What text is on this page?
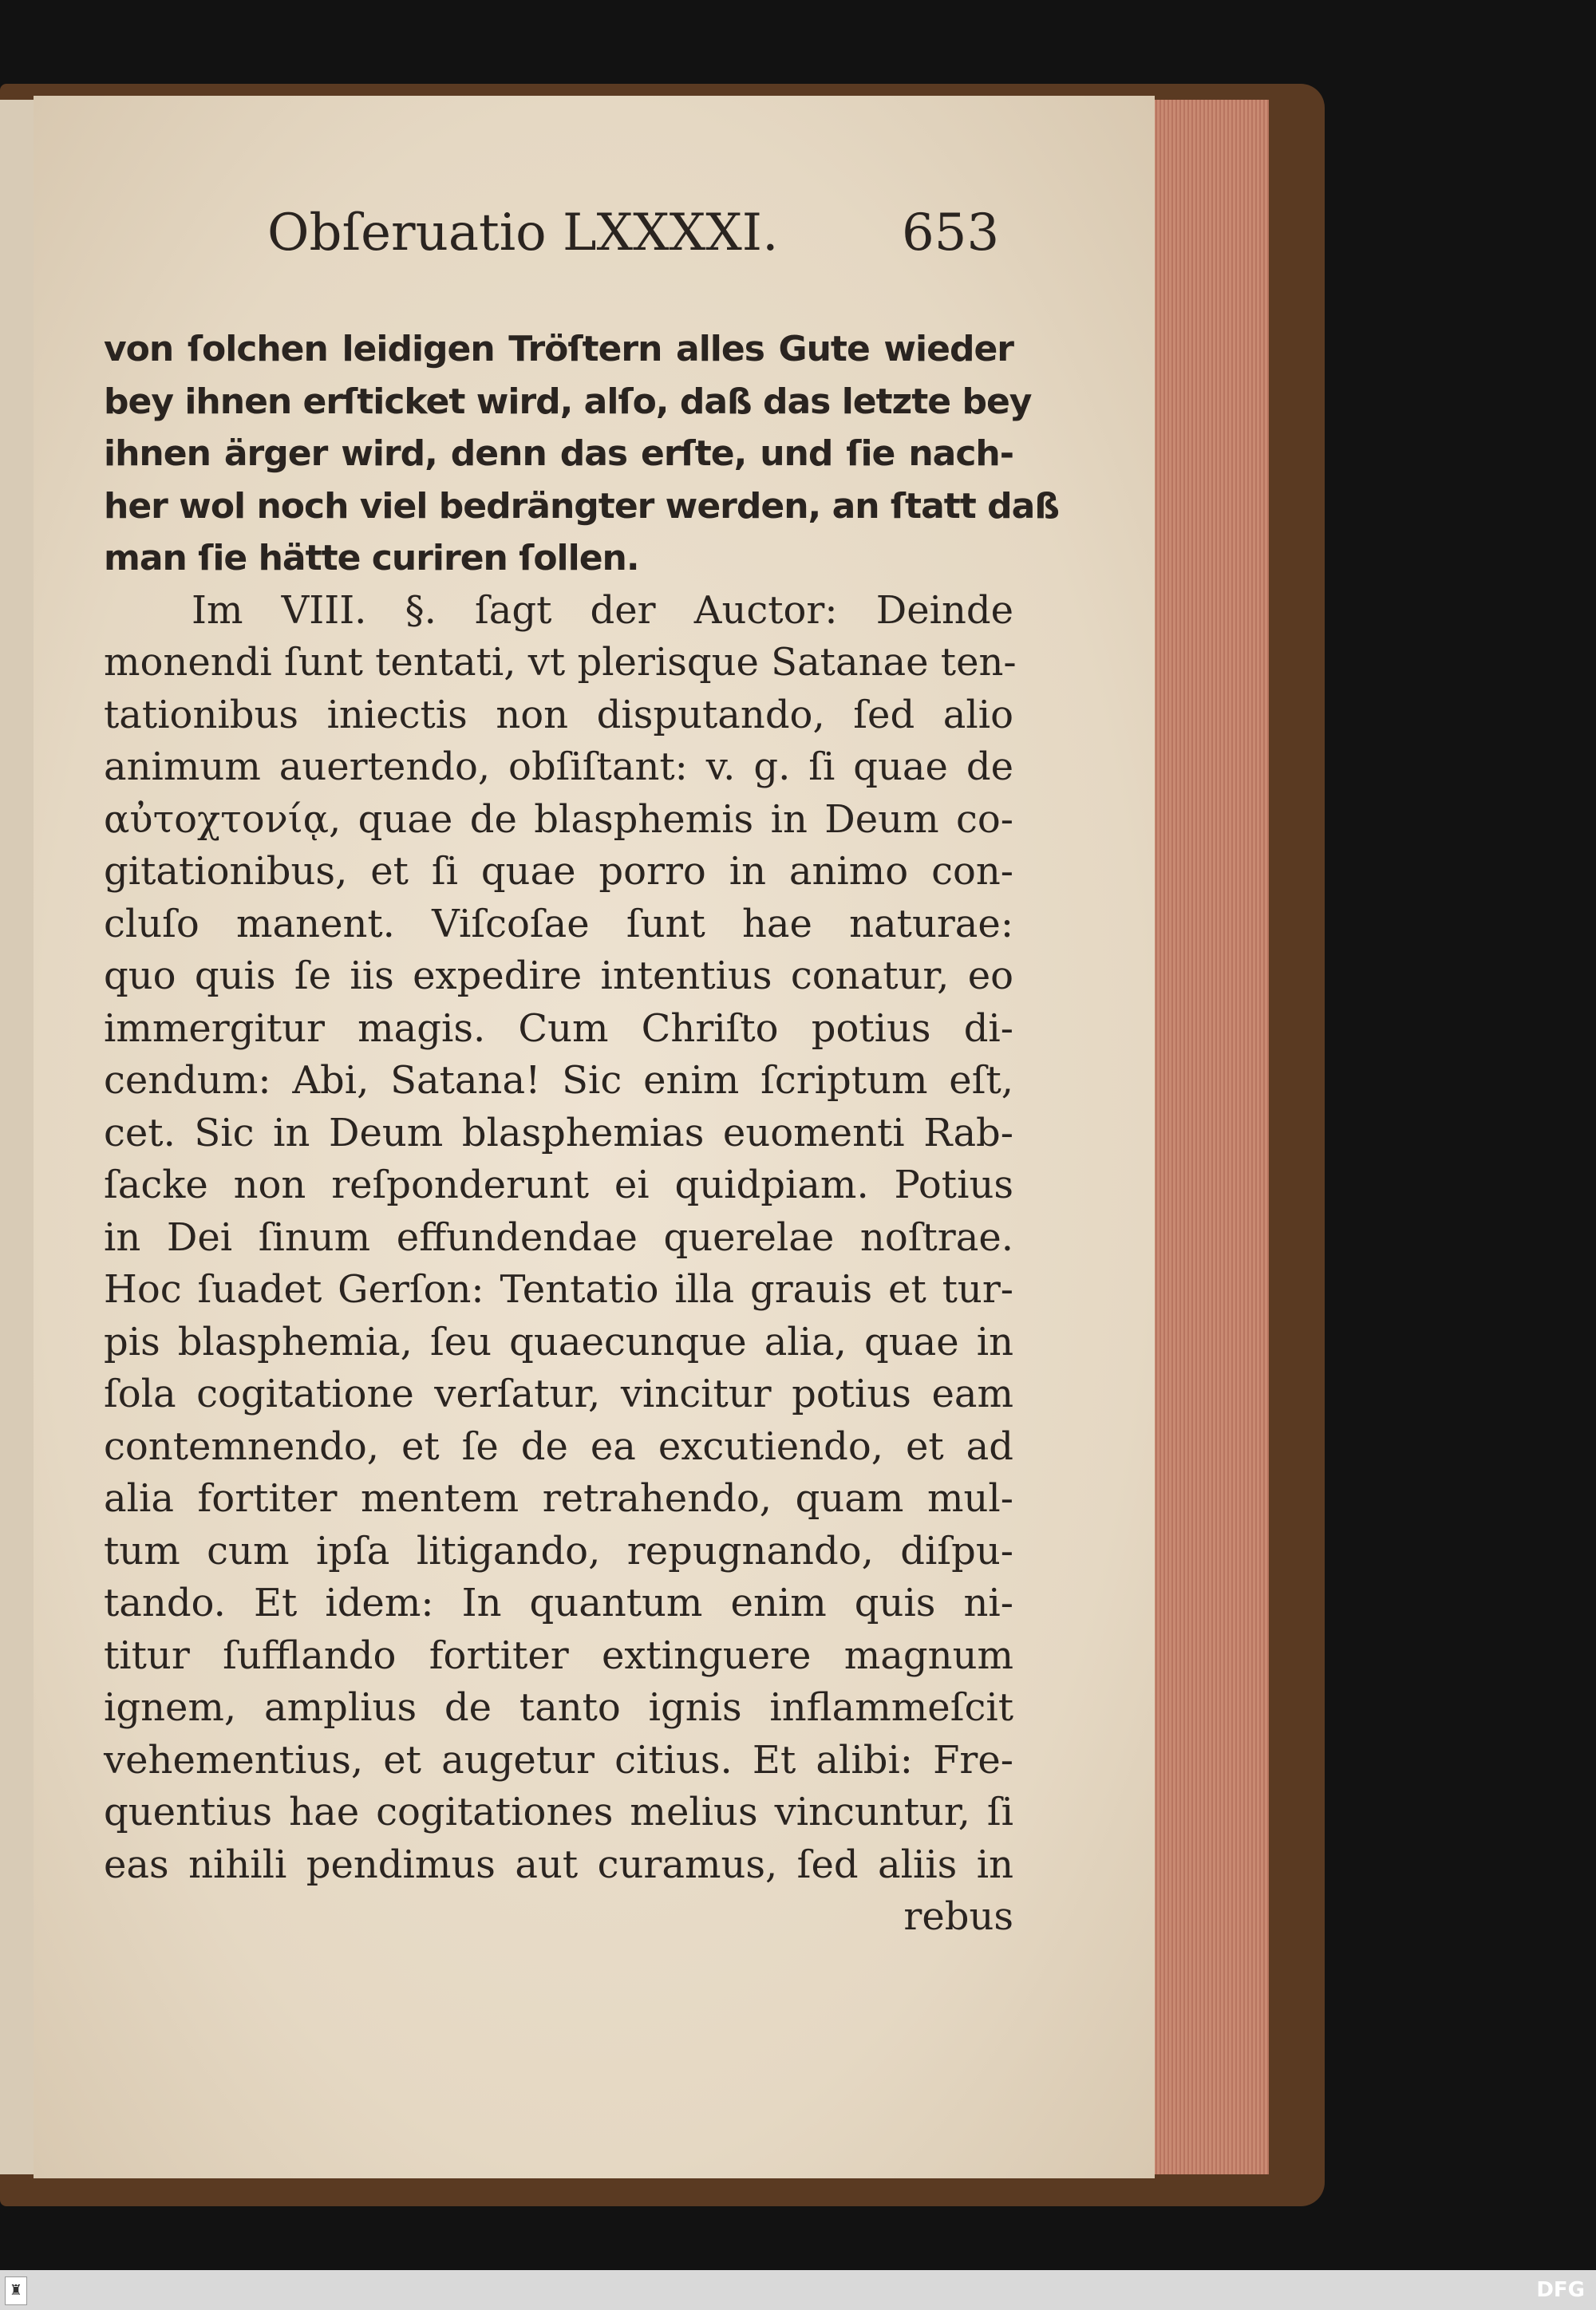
Obſeruatio LXXXXI. 653
von ſolchen leidigen Tröſtern alles Gute wieder
bey ihnen erſticket wird, alſo, daß das letzte bey
ihnen ärger wird, denn das erſte, und ſie nach-
her wol noch viel bedrängter werden, an ſtatt daß
man ſie hätte curiren ſollen.
Im VIII. §. ſagt der Auctor: Deinde
monendi ſunt tentati, vt plerisque Satanae ten-
tationibus iniectis non disputando, ſed alio
animum auertendo, obſiſtant: v. g. ſi quae de
αὐτοχτονίᾳ, quae de blasphemis in Deum co-
gitationibus, et ſi quae porro in animo con-
cluſo manent. Viſcoſae ſunt hae naturae:
quo quis ſe iis expedire intentius conatur, eo
immergitur magis. Cum Chriſto potius di-
cendum: Abi, Satana! Sic enim ſcriptum eſt,
cet. Sic in Deum blasphemias euomenti Rab-
ſacke non reſponderunt ei quidpiam. Potius
in Dei ſinum effundendae querelae noſtrae.
Hoc ſuadet Gerſon: Tentatio illa grauis et tur-
pis blasphemia, ſeu quaecunque alia, quae in
ſola cogitatione verſatur, vincitur potius eam
contemnendo, et ſe de ea excutiendo, et ad
alia fortiter mentem retrahendo, quam mul-
tum cum ipſa litigando, repugnando, diſpu-
tando. Et idem: In quantum enim quis ni-
titur ſufflando fortiter extinguere magnum
ignem, amplius de tanto ignis inflammeſcit
vehementius, et augetur citius. Et alibi: Fre-
quentius hae cogitationes melius vincuntur, ſi
eas nihili pendimus aut curamus, ſed aliis in
rebus
♜	DFG
